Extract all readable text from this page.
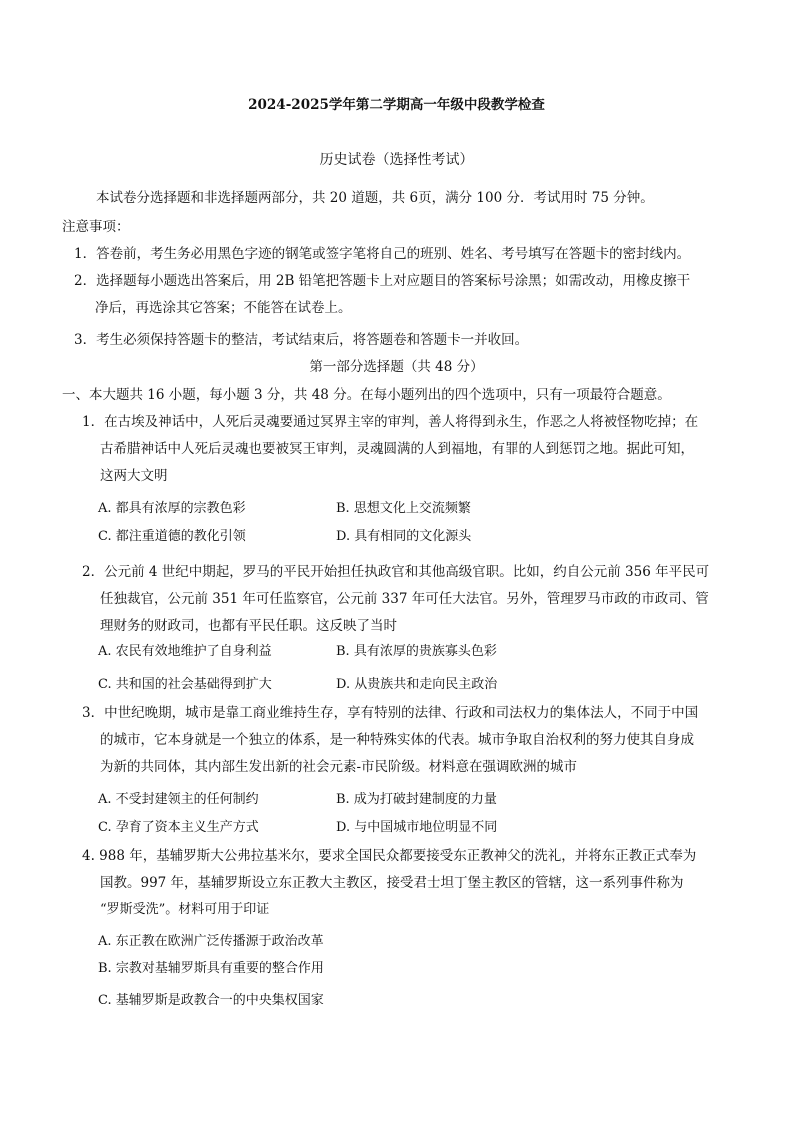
2024-2025学年第二学期高一年级中段教学检查
历史试卷（选择性考试）
本试卷分选择题和非选择题两部分，共 20 道题，共 6页，满分 100 分．考试用时 75 分钟。
注意事项：
1．答卷前，考生务必用黑色字迹的钢笔或签字笔将自己的班别、姓名、考号填写在答题卡的密封线内。
2．选择题每小题选出答案后，用 2B 铅笔把答题卡上对应题目的答案标号涂黑；如需改动，用橡皮擦干
净后，再选涂其它答案；不能答在试卷上。
3．考生必须保持答题卡的整洁，考试结束后，将答题卷和答题卡一并收回。
第一部分选择题（共 48 分）
一、本大题共 16 小题，每小题 3 分，共 48 分。在每小题列出的四个选项中，只有一项最符合题意。
1．在古埃及神话中，人死后灵魂要通过冥界主宰的审判，善人将得到永生，作恶之人将被怪物吃掉；在
古希腊神话中人死后灵魂也要被冥王审判，灵魂圆满的人到福地，有罪的人到惩罚之地。据此可知，
这两大文明
A. 都具有浓厚的宗教色彩	B. 思想文化上交流频繁
C. 都注重道德的教化引领	D. 具有相同的文化源头
2．公元前 4 世纪中期起，罗马的平民开始担任执政官和其他高级官职。比如，约自公元前 356 年平民可
任独裁官，公元前 351 年可任监察官，公元前 337 年可任大法官。另外，管理罗马市政的市政司、管
理财务的财政司，也都有平民任职。这反映了当时
A. 农民有效地维护了自身利益	B. 具有浓厚的贵族寡头色彩
C. 共和国的社会基础得到扩大	D. 从贵族共和走向民主政治
3．中世纪晚期，城市是靠工商业维持生存，享有特别的法律、行政和司法权力的集体法人，不同于中国
的城市，它本身就是一个独立的体系，是一种特殊实体的代表。城市争取自治权利的努力使其自身成
为新的共同体，其内部生发出新的社会元素-市民阶级。材料意在强调欧洲的城市
A. 不受封建领主的任何制约	B. 成为打破封建制度的力量
C. 孕育了资本主义生产方式	D. 与中国城市地位明显不同
4. 988 年，基辅罗斯大公弗拉基米尔，要求全国民众都要接受东正教神父的洗礼，并将东正教正式奉为
国教。997 年，基辅罗斯设立东正教大主教区，接受君士坦丁堡主教区的管辖，这一系列事件称为
“罗斯受洗”。材料可用于印证
A. 东正教在欧洲广泛传播源于政治改革
B. 宗教对基辅罗斯具有重要的整合作用
C. 基辅罗斯是政教合一的中央集权国家
